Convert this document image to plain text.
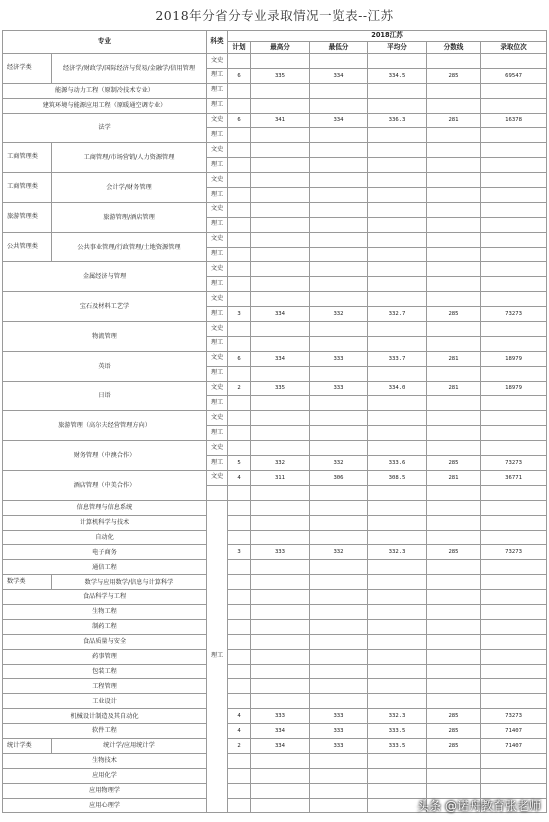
2018年分省分专业录取情况一览表--江苏
专业		科类	2018江苏					
			计划	最高分	最低分	平均分	分数线	录取位次
经济学类	经济学/财政学/国际经济与贸易/金融学/信用管理	文史						
		理工	6	335	334	334.5	285	69547
能源与动力工程（原制冷技术专业）		理工						
建筑环境与能源应用工程（原暖通空调专业）		理工						
法学		文史	6	341	334	336.3	281	16378
		理工						
工商管理类	工商管理/市场营销/人力资源管理	文史						
		理工						
工商管理类	会计学/财务管理	文史						
		理工						
旅游管理类	旅游管理/酒店管理	文史						
		理工						
公共管理类	公共事业管理/行政管理/土地资源管理	文史						
		理工						
金属经济与管理		文史						
		理工						
宝石及材料工艺学		文史						
		理工	3	334	332	332.7	285	73273
物流管理		文史						
		理工						
英语		文史	6	334	333	333.7	281	18979
		理工						
日语		文史	2	335	333	334.0	281	18979
		理工						
旅游管理（高尔夫经营管理方向）		文史						
		理工						
财务管理（中澳合作）		文史						
		理工	5	332	332	333.6	285	73273
酒店管理（中美合作）		文史	4	311	306	308.5	281	36771

信息管理与信息系统		理工						
计算机科学与技术								
自动化								
电子商务			3	333	332	332.3	285	73273
通信工程								
数学类	数学与应用数学/信息与计算科学							
食品科学与工程								
生物工程								
制药工程								
食品质量与安全								
药事管理								
包装工程								
工程管理								
工业设计								
机械设计制造及其自动化			4	333	333	332.3	285	73273
软件工程			4	334	333	333.5	285	71407
统计学类	统计学/应用统计学		2	334	333	333.5	285	71407
生物技术								
应用化学								
应用物理学								
应用心理学									头条 @诺舟教育张老师
